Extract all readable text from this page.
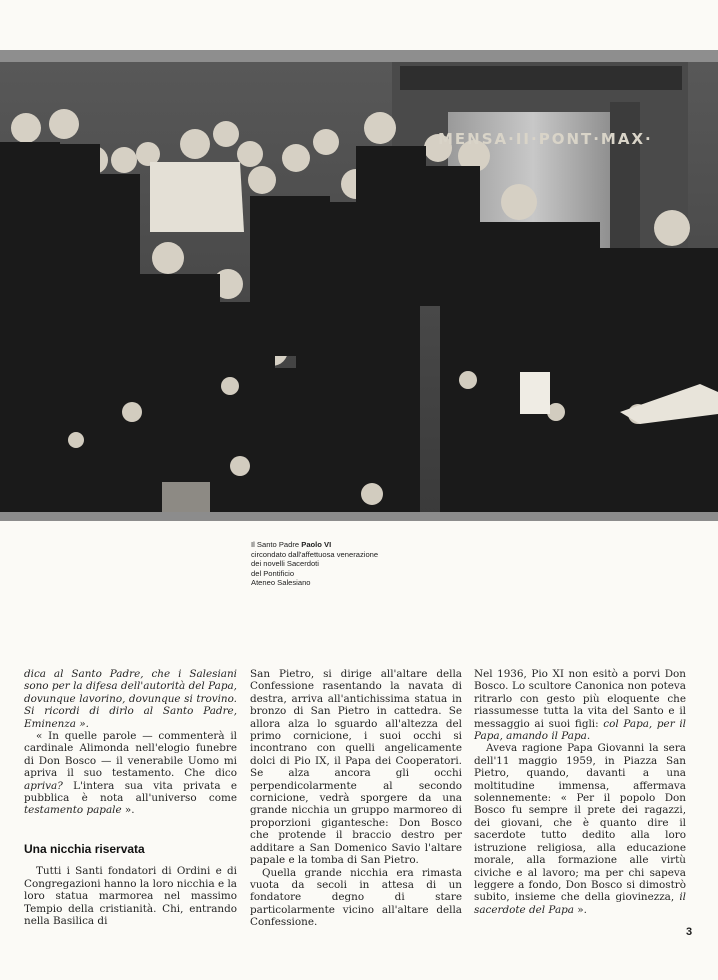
MENSA·II·PONT·MAX·
Il Santo Padre Paolo VI
circondato dall'affettuosa venerazione
dei novelli Sacerdoti
del Pontificio
Ateneo Salesiano

dica al Santo Padre, che i Salesiani sono per la difesa dell'autorità del Papa, dovunque lavorino, dovunque si trovino. Si ricordi di dirlo al Santo Padre, Eminenza ».

« In quelle parole — commenterà il cardinale Alimonda nell'elogio funebre di Don Bosco — il venerabile Uomo mi apriva il suo testamento. Che dico apriva? L'intera sua vita privata e pubblica è nota all'universo come testamento papale ».

Una nicchia riservata

Tutti i Santi fondatori di Ordini e di Congregazioni hanno la loro nicchia e la loro statua marmorea nel massimo Tempio della cristianità. Chi, entrando nella Basilica di

San Pietro, si dirige all'altare della Confessione rasentando la navata di destra, arriva all'antichissima statua in bronzo di San Pietro in cattedra. Se allora alza lo sguardo all'altezza del primo cornicione, i suoi occhi si incontrano con quelli angelicamente dolci di Pio IX, il Papa dei Cooperatori. Se alza ancora gli occhi perpendicolarmente al secondo cornicione, vedrà sporgere da una grande nicchia un gruppo marmoreo di proporzioni gigantesche: Don Bosco che protende il braccio destro per additare a San Domenico Savio l'altare papale e la tomba di San Pietro.

Quella grande nicchia era rimasta vuota da secoli in attesa di un fondatore degno di stare particolarmente vicino all'altare della Confessione.

Nel 1936, Pio XI non esitò a porvi Don Bosco. Lo scultore Canonica non poteva ritrarlo con gesto più eloquente che riassumesse tutta la vita del Santo e il messaggio ai suoi figli: col Papa, per il Papa, amando il Papa.

Aveva ragione Papa Giovanni la sera dell'11 maggio 1959, in Piazza San Pietro, quando, davanti a una moltitudine immensa, affermava solennemente: « Per il popolo Don Bosco fu sempre il prete dei ragazzi, dei giovani, che è quanto dire il sacerdote tutto dedito alla loro istruzione religiosa, alla educazione morale, alla formazione alle virtù civiche e al lavoro; ma per chi sapeva leggere a fondo, Don Bosco si dimostrò subito, insieme che della giovinezza, il sacerdote del Papa ».

3
